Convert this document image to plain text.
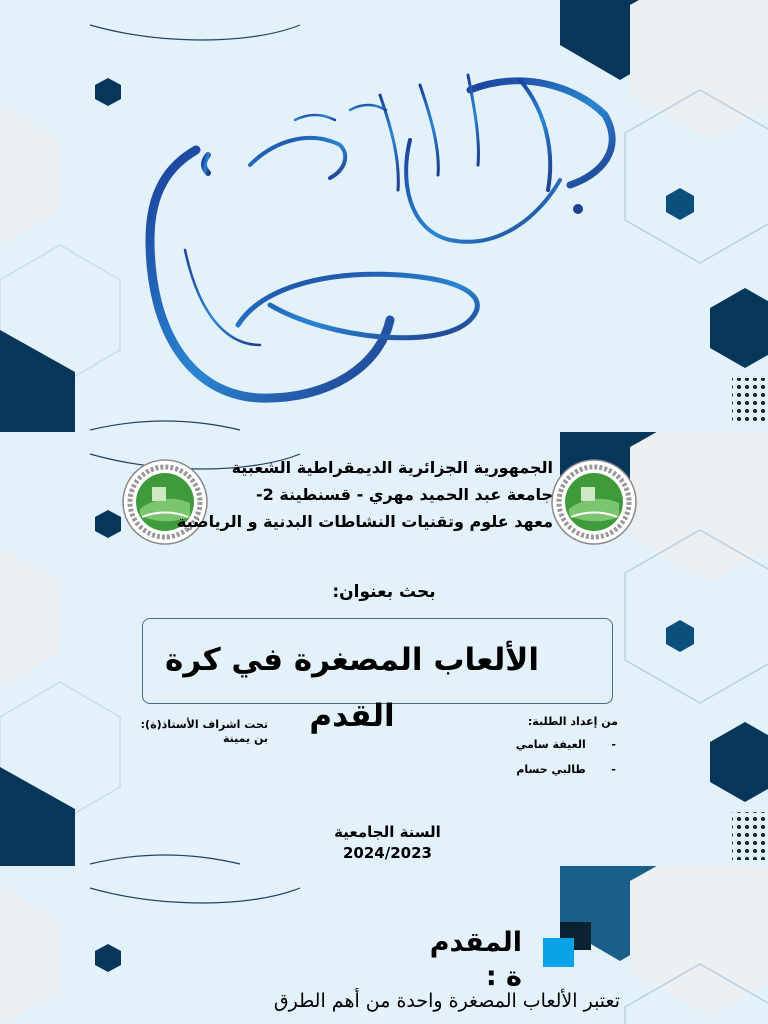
الجمهورية الجزائرية الديمقراطية الشعبية
جامعة عبد الحميد مهري - قسنطينة 2-
معهد علوم وتقنيات النشاطات البدنية و الرياضية
بحث بعنوان:
الألعاب المصغرة في كرة
القدم	من إعداد الطلبة:
-  العيفة سامي
-  طالبي حسام
تحت اشراف الأستاذ(ة):
بن يمينة
السنة الجامعية
2024/2023
المقدم
ة :
تعتبر الألعاب المصغرة واحدة من أهم الطرق
